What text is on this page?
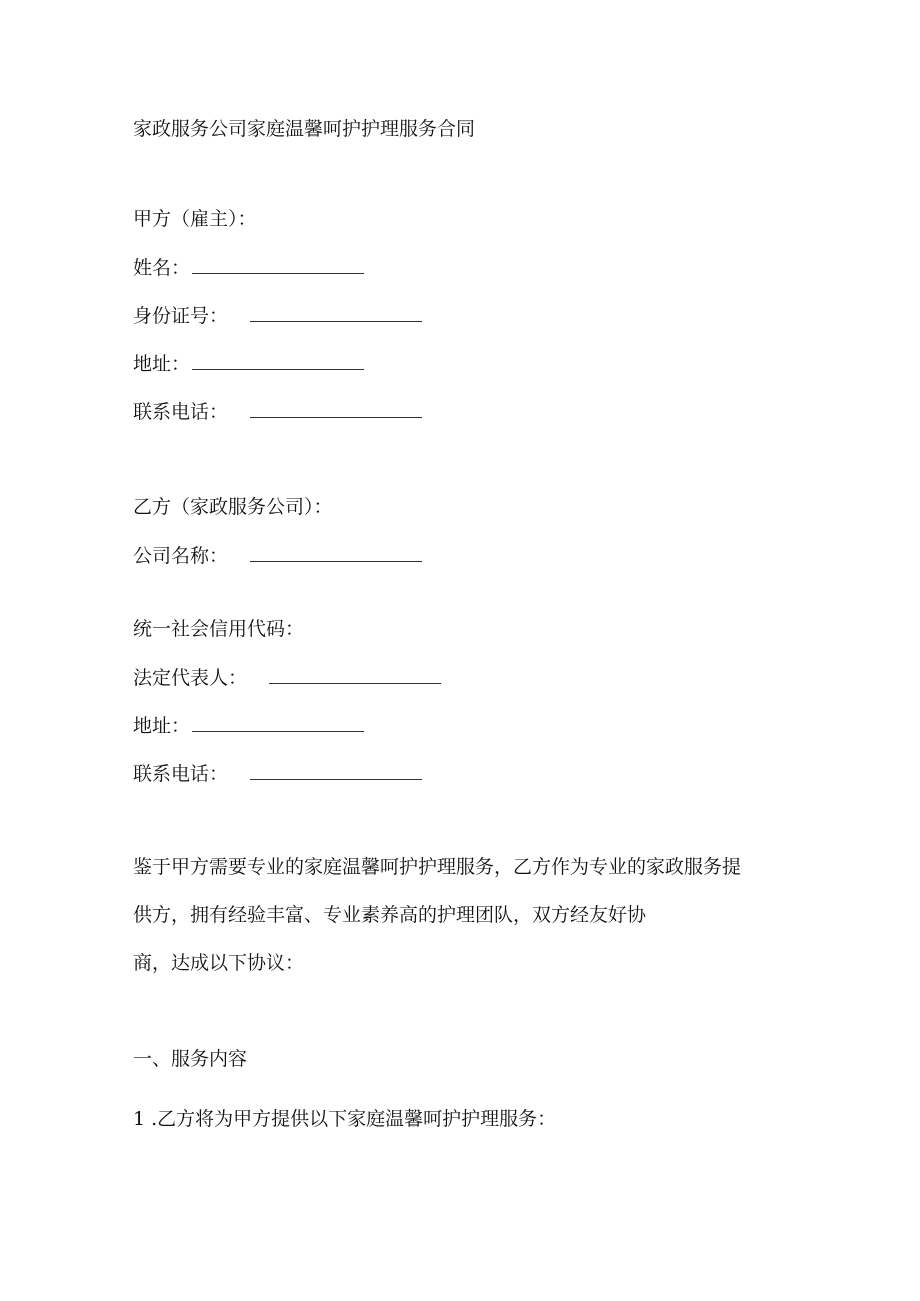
家政服务公司家庭温馨呵护护理服务合同
甲方（雇主）：
姓名：
身份证号：
地址：
联系电话：
乙方（家政服务公司）：
公司名称：
统一社会信用代码：
法定代表人：
地址：
联系电话：
鉴于甲方需要专业的家庭温馨呵护护理服务，乙方作为专业的家政服务提
供方，拥有经验丰富、专业素养高的护理团队，双方经友好协
商，达成以下协议：
一、服务内容
1 .乙方将为甲方提供以下家庭温馨呵护护理服务：
